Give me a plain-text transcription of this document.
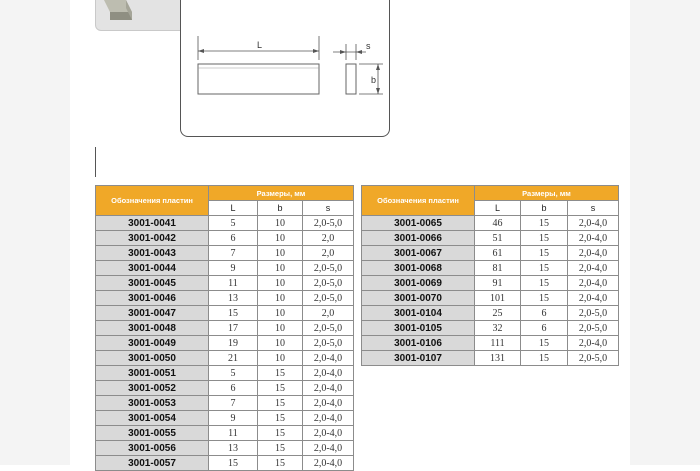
L	s
b
Обозначения пластин	Размеры, мм		
	L	b	s
3001-0041	5	10	2,0-5,0
3001-0042	6	10	2,0
3001-0043	7	10	2,0
3001-0044	9	10	2,0-5,0
3001-0045	11	10	2,0-5,0
3001-0046	13	10	2,0-5,0
3001-0047	15	10	2,0
3001-0048	17	10	2,0-5,0
3001-0049	19	10	2,0-5,0
3001-0050	21	10	2,0-4,0
3001-0051	5	15	2,0-4,0
3001-0052	6	15	2,0-4,0
3001-0053	7	15	2,0-4,0
3001-0054	9	15	2,0-4,0
3001-0055	11	15	2,0-4,0
3001-0056	13	15	2,0-4,0
3001-0057	15	15	2,0-4,0
Обозначения пластин	Размеры, мм		
	L	b	s
3001-0065	46	15	2,0-4,0
3001-0066	51	15	2,0-4,0
3001-0067	61	15	2,0-4,0
3001-0068	81	15	2,0-4,0
3001-0069	91	15	2,0-4,0
3001-0070	101	15	2,0-4,0
3001-0104	25	6	2,0-5,0
3001-0105	32	6	2,0-5,0
3001-0106	111	15	2,0-4,0
3001-0107	131	15	2,0-5,0
